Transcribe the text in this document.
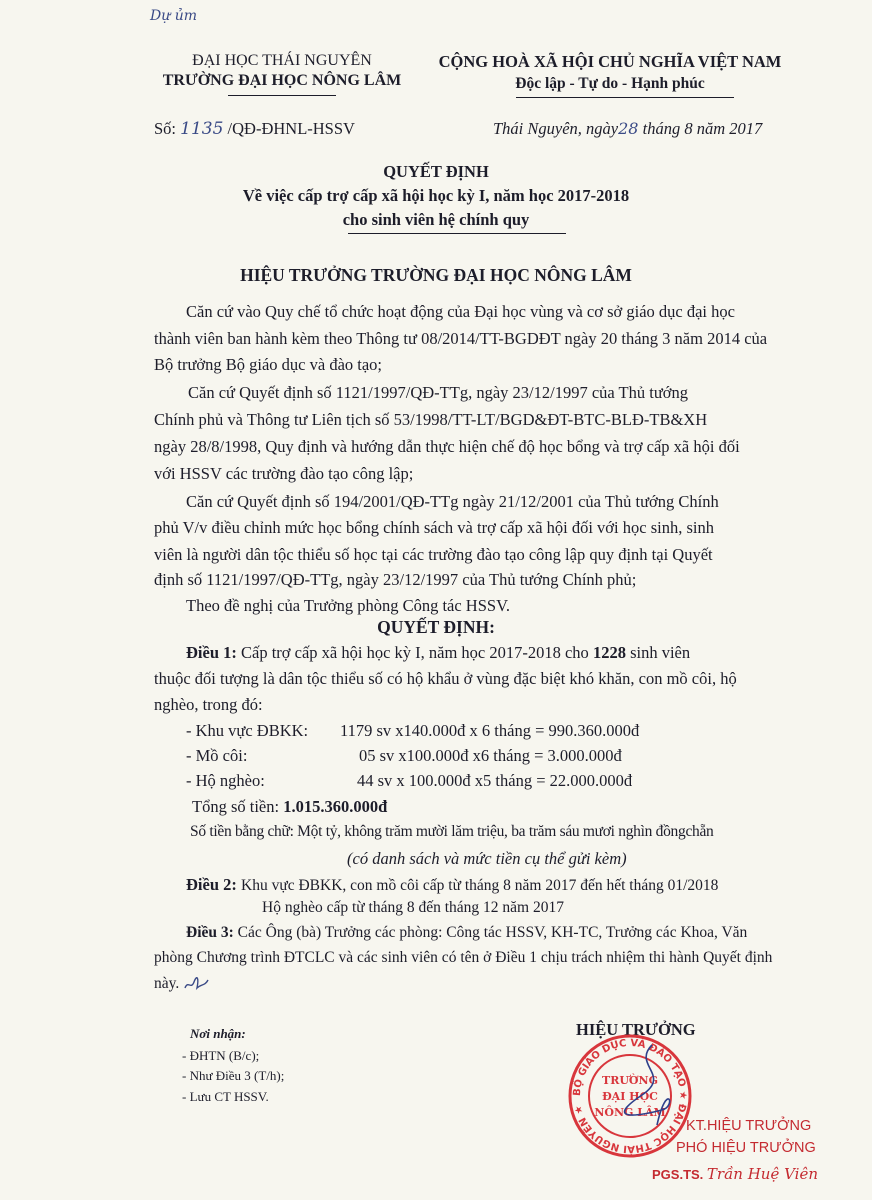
Dự ủm
ĐẠI HỌC THÁI NGUYÊN
TRƯỜNG ĐẠI HỌC NÔNG LÂM
CỘNG HOÀ XÃ HỘI CHỦ NGHĨA VIỆT NAM
Độc lập - Tự do - Hạnh phúc
Số: 1135 /QĐ-ĐHNL-HSSV	Thái Nguyên, ngày28 tháng 8 năm 2017
QUYẾT ĐỊNH
Về việc cấp trợ cấp xã hội học kỳ I, năm học 2017-2018
cho sinh viên hệ chính quy
HIỆU TRƯỞNG TRƯỜNG ĐẠI HỌC NÔNG LÂM
Căn cứ vào Quy chế tổ chức hoạt động của Đại học vùng và cơ sở giáo dục đại học
thành viên ban hành kèm theo Thông tư 08/2014/TT-BGDĐT ngày 20 tháng 3 năm 2014 của
Bộ trưởng Bộ giáo dục và đào tạo;
Căn cứ Quyết định số 1121/1997/QĐ-TTg, ngày 23/12/1997 của Thủ tướng
Chính phủ và Thông tư Liên tịch số 53/1998/TT-LT/BGD&ĐT-BTC-BLĐ-TB&XH
ngày 28/8/1998, Quy định và hướng dẫn thực hiện chế độ học bổng và trợ cấp xã hội đối
với HSSV các trường đào tạo công lập;
Căn cứ Quyết định số 194/2001/QĐ-TTg ngày 21/12/2001 của Thủ tướng Chính
phủ V/v điều chỉnh mức học bổng chính sách và trợ cấp xã hội đối với học sinh, sinh
viên là người dân tộc thiểu số học tại các trường đào tạo công lập quy định tại Quyết
định số 1121/1997/QĐ-TTg, ngày 23/12/1997 của Thủ tướng Chính phủ;
Theo đề nghị của Trưởng phòng Công tác HSSV.
QUYẾT ĐỊNH:
Điều 1: Cấp trợ cấp xã hội học kỳ I, năm học 2017-2018 cho 1228 sinh viên
thuộc đối tượng là dân tộc thiểu số có hộ khẩu ở vùng đặc biệt khó khăn, con mồ côi, hộ
nghèo, trong đó:
- Khu vực ĐBKK: 1179 sv x140.000đ x 6 tháng = 990.360.000đ
- Mồ côi:	05 sv x100.000đ x6 tháng = 3.000.000đ
- Hộ nghèo:	44 sv x 100.000đ x5 tháng = 22.000.000đ
Tổng số tiền: 1.015.360.000đ
Số tiền bằng chữ: Một tỷ, không trăm mười lăm triệu, ba trăm sáu mươi nghìn đồngchẵn
(có danh sách và mức tiền cụ thể gửi kèm)
Điều 2: Khu vực ĐBKK, con mồ côi cấp từ tháng 8 năm 2017 đến hết tháng 01/2018
Hộ nghèo cấp từ tháng 8 đến tháng 12 năm 2017
Điều 3: Các Ông (bà) Trưởng các phòng: Công tác HSSV, KH-TC, Trưởng các Khoa, Văn
phòng Chương trình ĐTCLC và các sinh viên có tên ở Điều 1 chịu trách nhiệm thi hành Quyết định
này.
Nơi nhận:
- ĐHTN (B/c);
- Như Điều 3 (T/h);
- Lưu CT HSSV.
HIỆU TRƯỞNG
BỘ GIÁO DỤC VÀ ĐÀO TẠO ★ ĐẠI HỌC THÁI NGUYÊN ★
TRƯỜNG
ĐẠI HỌC
NÔNG LÂM
KT.HIỆU TRƯỞNG
PHÓ HIỆU TRƯỞNG
PGS.TS. Trần Huệ Viên
